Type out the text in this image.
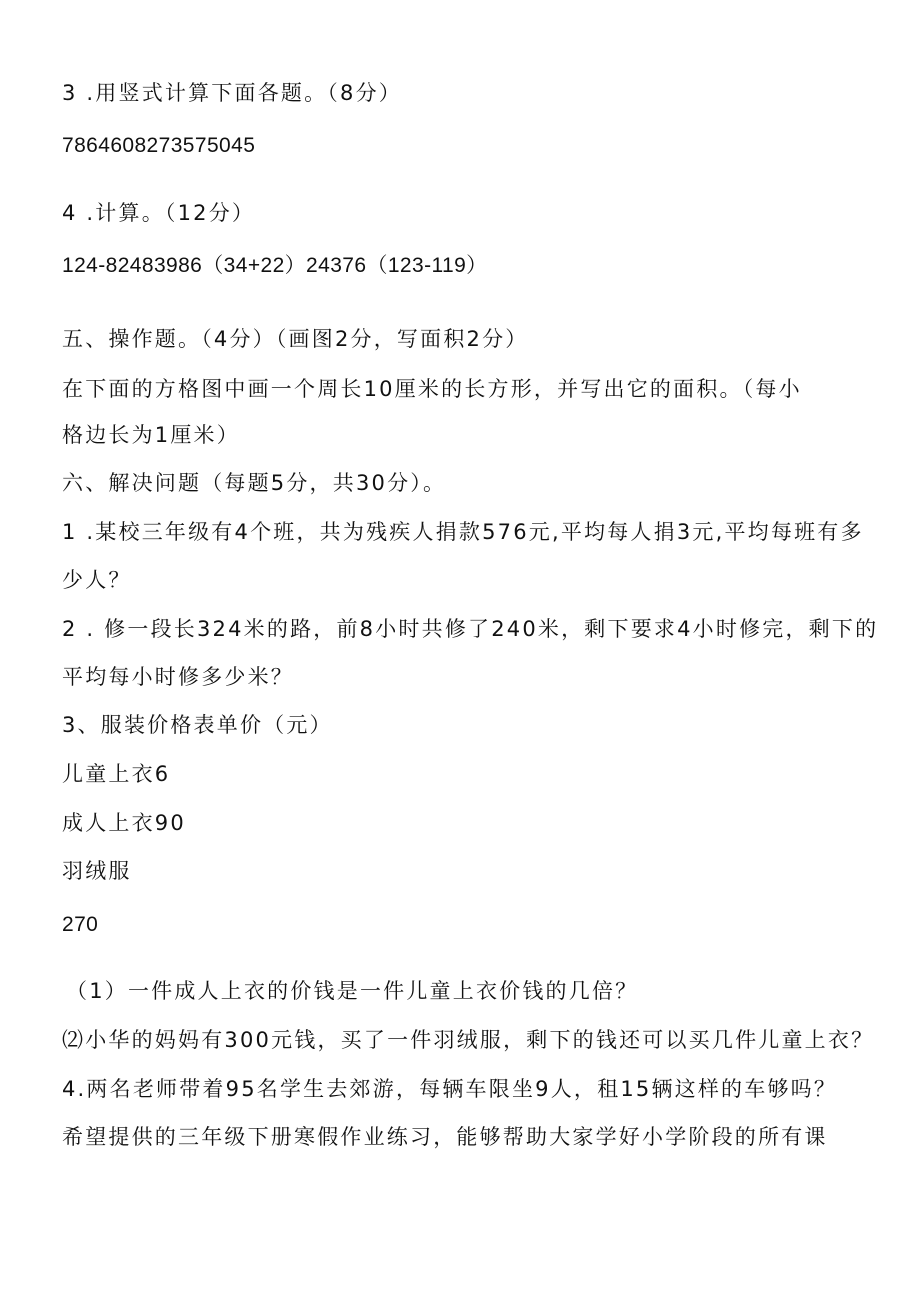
3 .用竖式计算下面各题。（8分）
7864608273575045
4 .计算。（12分）
124-82483986（34+22）24376（123-119）
五、操作题。（4分）（画图2分，写面积2分）
在下面的方格图中画一个周长10厘米的长方形，并写出它的面积。（每小
格边长为1厘米）
六、解决问题（每题5分，共30分）。
1 .某校三年级有4个班，共为残疾人捐款576元,平均每人捐3元,平均每班有多
少人？
2 . 修一段长324米的路，前8小时共修了240米，剩下要求4小时修完，剩下的
平均每小时修多少米？
3、服装价格表单价（元）
儿童上衣6
成人上衣90
羽绒服
270
（1）一件成人上衣的价钱是一件儿童上衣价钱的几倍？
⑵小华的妈妈有300元钱，买了一件羽绒服，剩下的钱还可以买几件儿童上衣？
4.两名老师带着95名学生去郊游，每辆车限坐9人，租15辆这样的车够吗？
希望提供的三年级下册寒假作业练习，能够帮助大家学好小学阶段的所有课
